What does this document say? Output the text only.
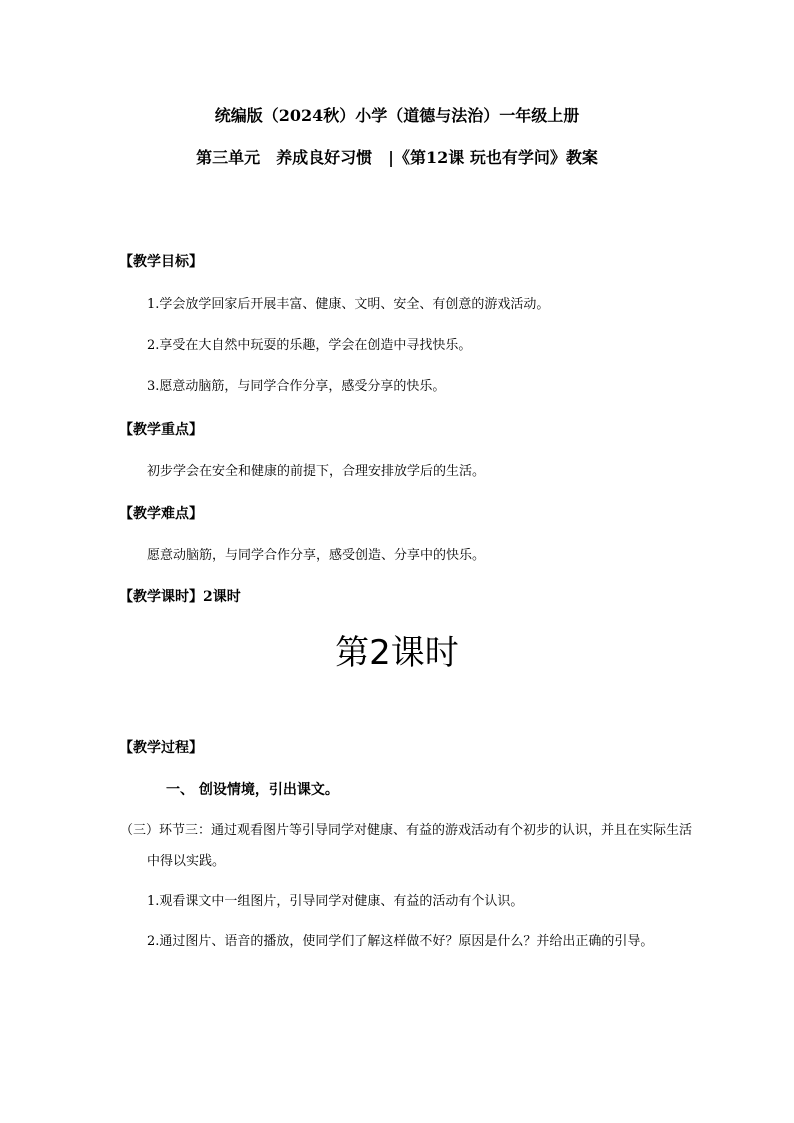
统编版（2024秋）小学（道德与法治）一年级上册
第三单元　养成良好习惯　|《第12课 玩也有学问》教案
【教学目标】
1.学会放学回家后开展丰富、健康、文明、安全、有创意的游戏活动。
2.享受在大自然中玩耍的乐趣，学会在创造中寻找快乐。
3.愿意动脑筋，与同学合作分享，感受分享的快乐。
【教学重点】
初步学会在安全和健康的前提下，合理安排放学后的生活。
【教学难点】
愿意动脑筋，与同学合作分享，感受创造、分享中的快乐。
【教学课时】2课时
第2课时
【教学过程】
一、 创设情境，引出课文。
（三）环节三：通过观看图片等引导同学对健康、有益的游戏活动有个初步的认识，并且在实际生活中得以实践。
1.观看课文中一组图片，引导同学对健康、有益的活动有个认识。
2.通过图片、语音的播放，使同学们了解这样做不好？原因是什么？并给出正确的引导。
